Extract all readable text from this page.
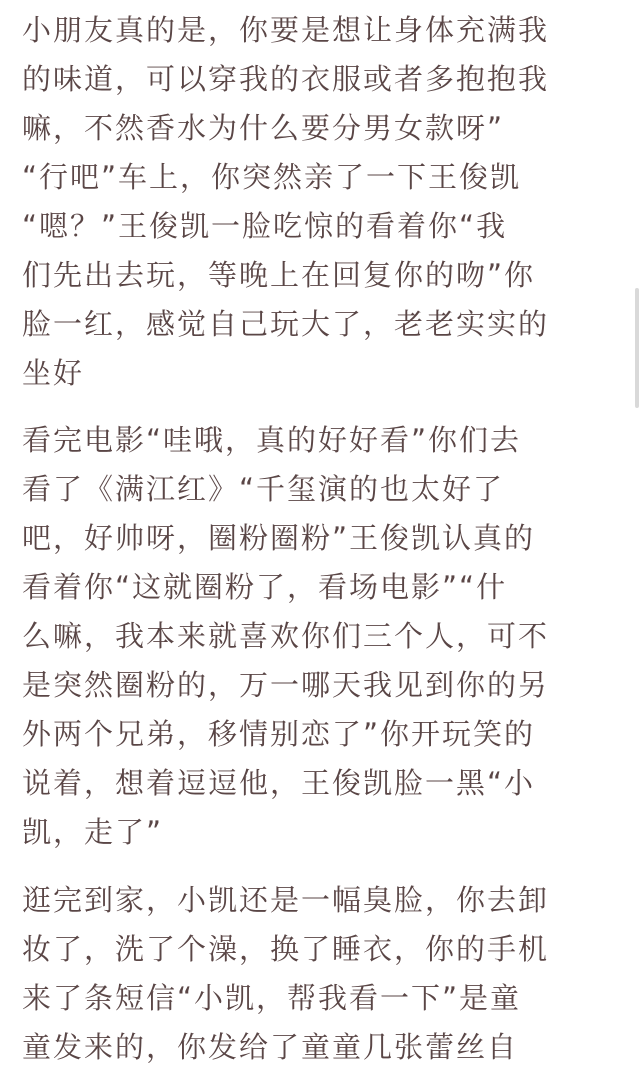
小朋友真的是，你要是想让身体充满我
的味道，可以穿我的衣服或者多抱抱我
嘛，不然香水为什么要分男女款呀”
“行吧”车上，你突然亲了一下王俊凯
“嗯？”王俊凯一脸吃惊的看着你“我
们先出去玩，等晚上在回复你的吻”你
脸一红，感觉自己玩大了，老老实实的
坐好
看完电影“哇哦，真的好好看”你们去
看了《满江红》“千玺演的也太好了
吧，好帅呀，圈粉圈粉”王俊凯认真的
看着你“这就圈粉了，看场电影”“什
么嘛，我本来就喜欢你们三个人，可不
是突然圈粉的，万一哪天我见到你的另
外两个兄弟，移情别恋了”你开玩笑的
说着，想着逗逗他，王俊凯脸一黑“小
凯，走了”
逛完到家，小凯还是一幅臭脸，你去卸
妆了，洗了个澡，换了睡衣，你的手机
来了条短信“小凯，帮我看一下”是童
童发来的，你发给了童童几张蕾丝自
